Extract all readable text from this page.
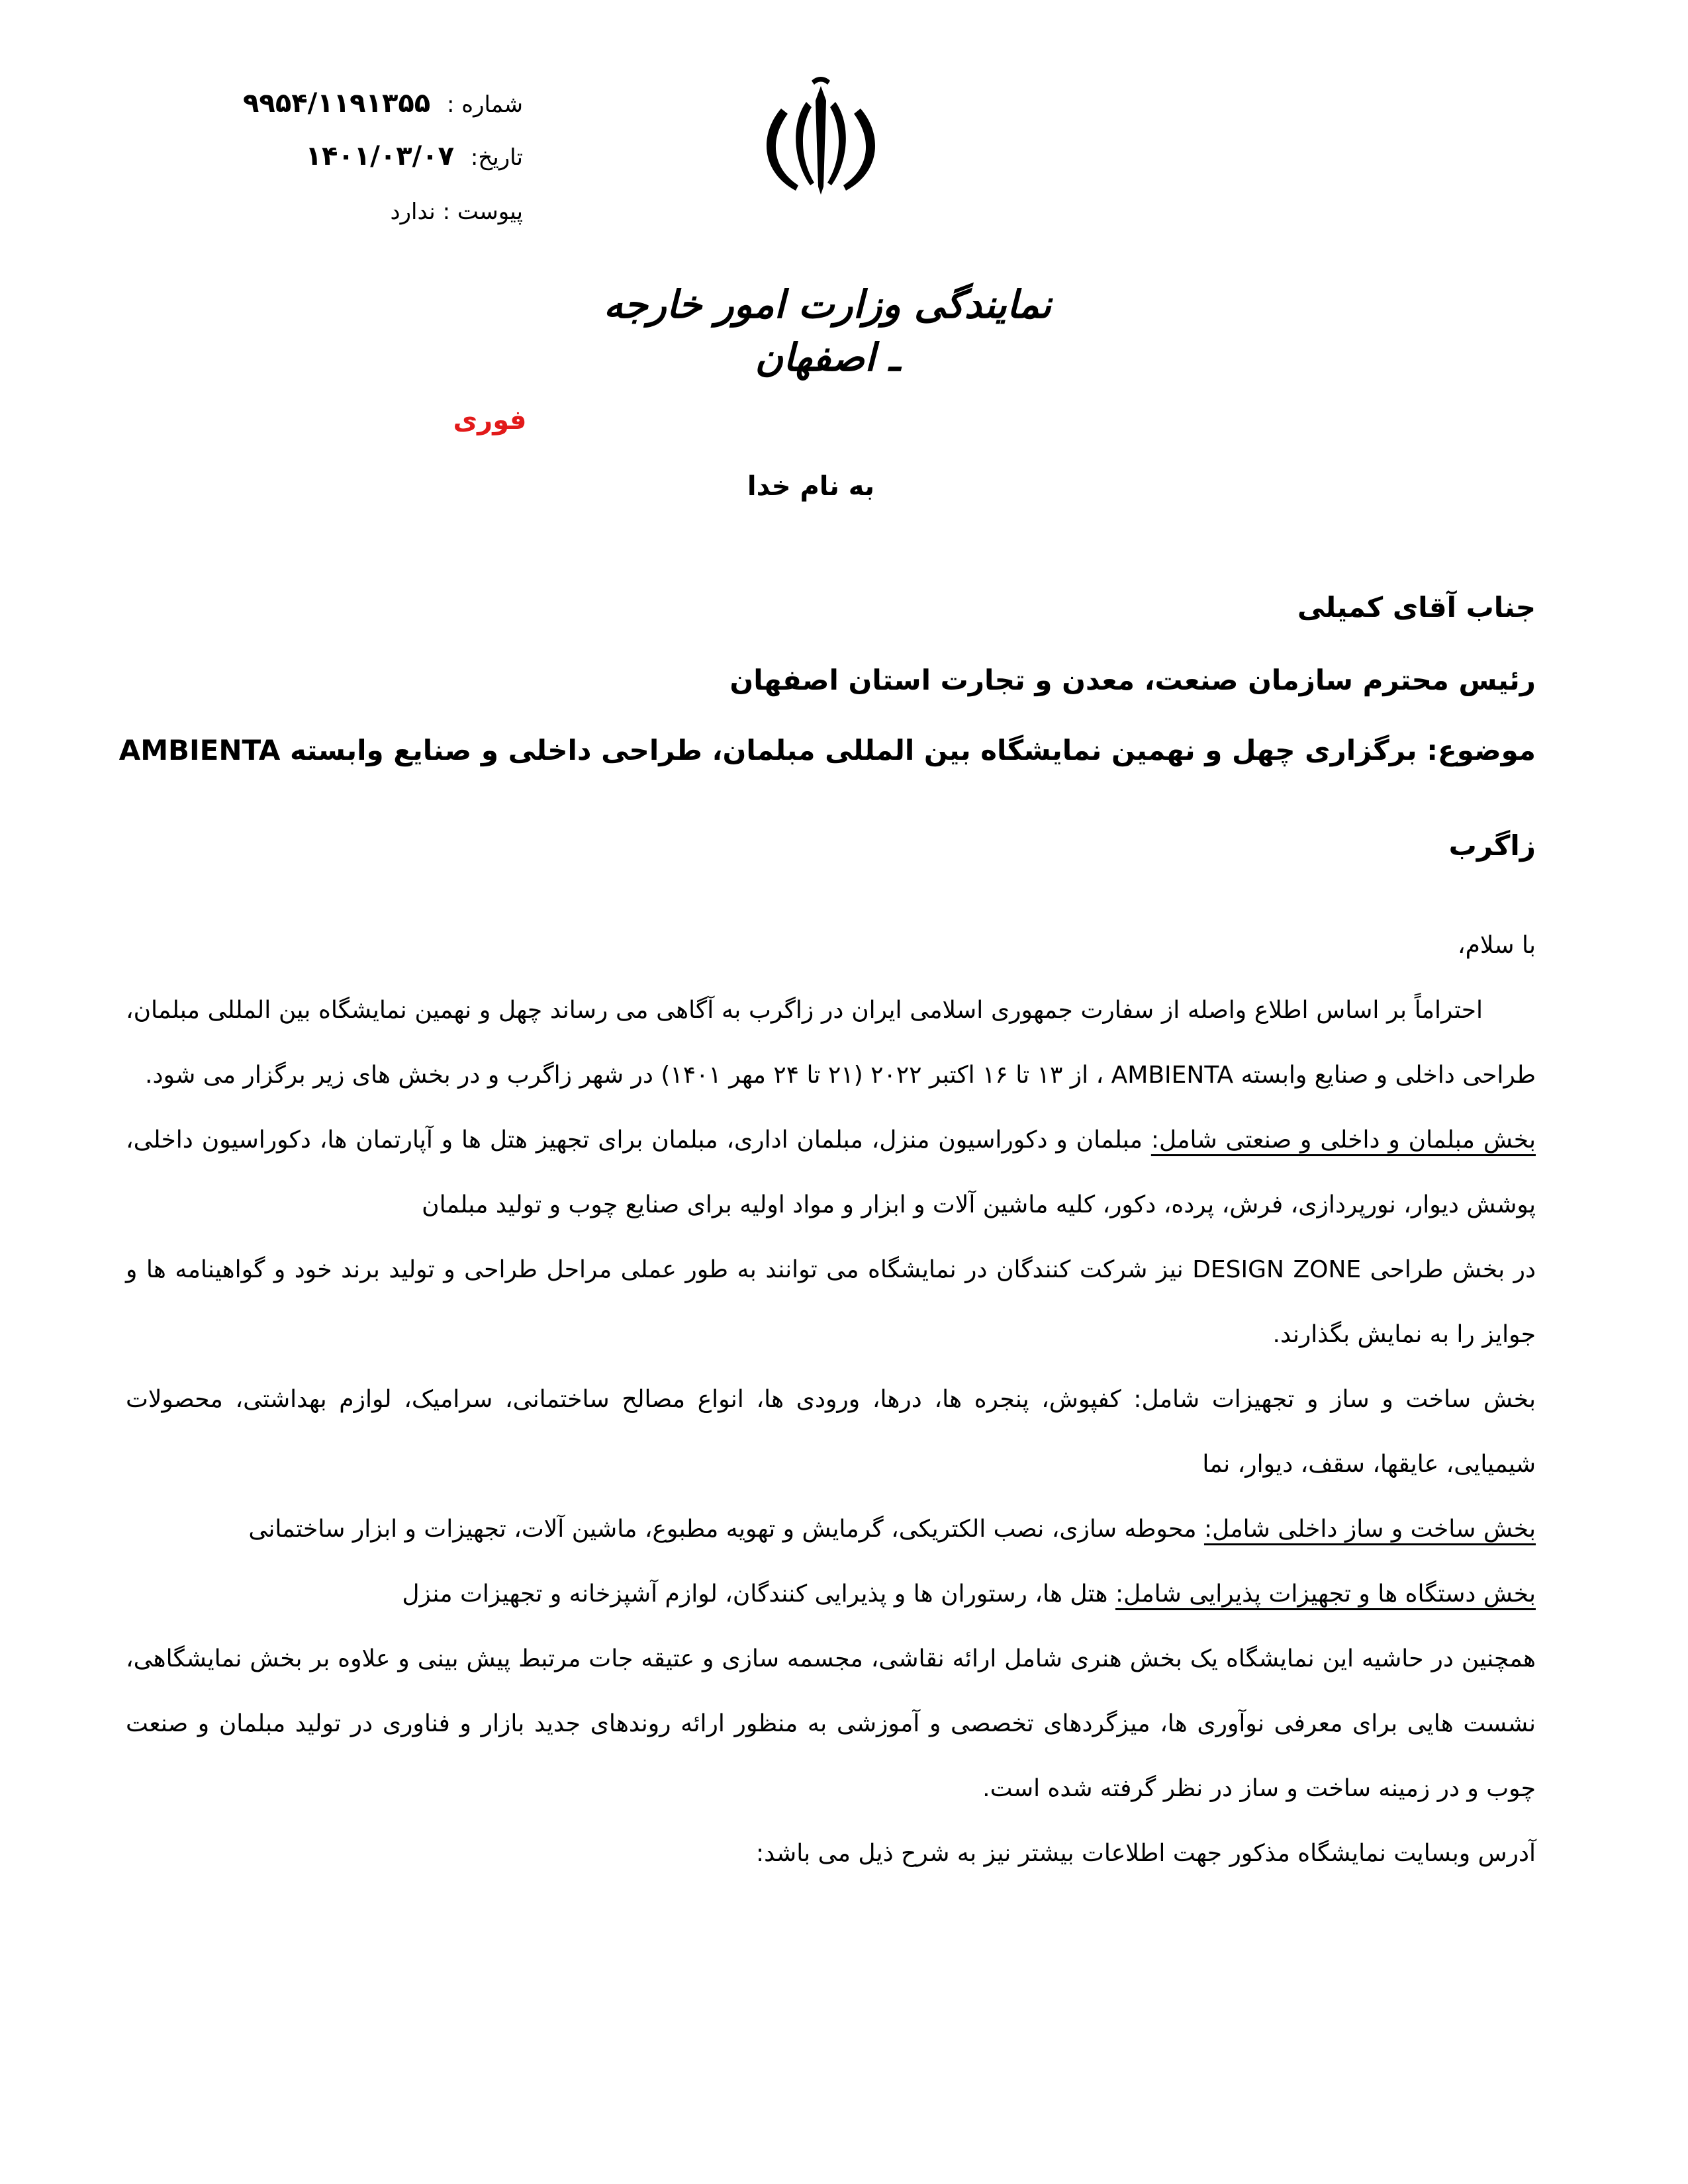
شماره : ۹۹۵۴/۱۱۹۱۳۵۵
تاریخ: ۱۴۰۱/۰۳/۰۷
پیوست : ندارد
نمایندگی وزارت امور خارجه ـ اصفهان
فوری
به نام خدا
جناب آقای کمیلی
رئیس محترم سازمان صنعت، معدن و تجارت استان اصفهان
موضوع: برگزاری چهل و نهمین نمایشگاه بین المللی مبلمان، طراحی داخلی و صنایع وابسته AMBIENTA
زاگرب

با سلام،

احتراماً بر اساس اطلاع واصله از سفارت جمهوری اسلامی ایران در زاگرب به آگاهی می رساند چهل و نهمین نمایشگاه بین المللی مبلمان، طراحی داخلی و صنایع وابسته AMBIENTA ، از ۱۳ تا ۱۶ اکتبر ۲۰۲۲ (۲۱ تا ۲۴ مهر ۱۴۰۱) در شهر زاگرب و در بخش های زیر برگزار می شود.

بخش مبلمان و داخلی و صنعتی شامل: مبلمان و دکوراسیون منزل، مبلمان اداری، مبلمان برای تجهیز هتل ها و آپارتمان ها، دکوراسیون داخلی، پوشش دیوار، نورپردازی، فرش، پرده، دکور، کلیه ماشین آلات و ابزار و مواد اولیه برای صنایع چوب و تولید مبلمان

در بخش طراحی DESIGN ZONE نیز شرکت کنندگان در نمایشگاه می توانند به طور عملی مراحل طراحی و تولید برند خود و گواهینامه ها و جوایز را به نمایش بگذارند.

بخش ساخت و ساز و تجهیزات شامل: کفپوش، پنجره ها، درها، ورودی ها، انواع مصالح ساختمانی، سرامیک، لوازم بهداشتی، محصولات شیمیایی، عایقها، سقف، دیوار، نما

بخش ساخت و ساز داخلی شامل: محوطه سازی، نصب الکتریکی، گرمایش و تهویه مطبوع، ماشین آلات، تجهیزات و ابزار ساختمانی

بخش دستگاه ها و تجهیزات پذیرایی شامل: هتل ها، رستوران ها و پذیرایی کنندگان، لوازم آشپزخانه و تجهیزات منزل

همچنین در حاشیه این نمایشگاه یک بخش هنری شامل ارائه نقاشی، مجسمه سازی و عتیقه جات مرتبط پیش بینی و علاوه بر بخش نمایشگاهی، نشست هایی برای معرفی نوآوری ها، میزگردهای تخصصی و آموزشی به منظور ارائه روندهای جدید بازار و فناوری در تولید مبلمان و صنعت چوب و در زمینه ساخت و ساز در نظر گرفته شده است.

آدرس وبسایت نمایشگاه مذکور جهت اطلاعات بیشتر نیز به شرح ذیل می باشد:
